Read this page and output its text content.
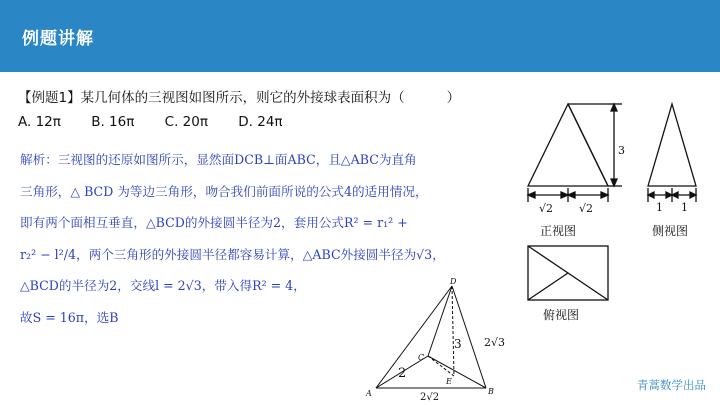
例题讲解
【例题1】某几何体的三视图如图所示，则它的外接球表面积为（	）
A. 12π B. 16π C. 20π D. 24π

解析：三视图的还原如图所示，显然面DCB⊥面ABC，且△ABC为直角

三角形，△ BCD 为等边三角形，吻合我们前面所说的公式4的适用情况，

即有两个面相互垂直，△BCD的外接圆半径为2，套用公式R² = r₁² +

r₂² − l²/4，两个三角形的外接圆半径都容易计算，△ABC外接圆半径为√3，

△BCD的半径为2，交线l = 2√3，带入得R² = 4，

故S = 16π，选B

3
√2 √2
正视图
1 1
侧视图
俯视图
D
C
A
E
B
3 2√3
2
2√2
青蒿数学出品
